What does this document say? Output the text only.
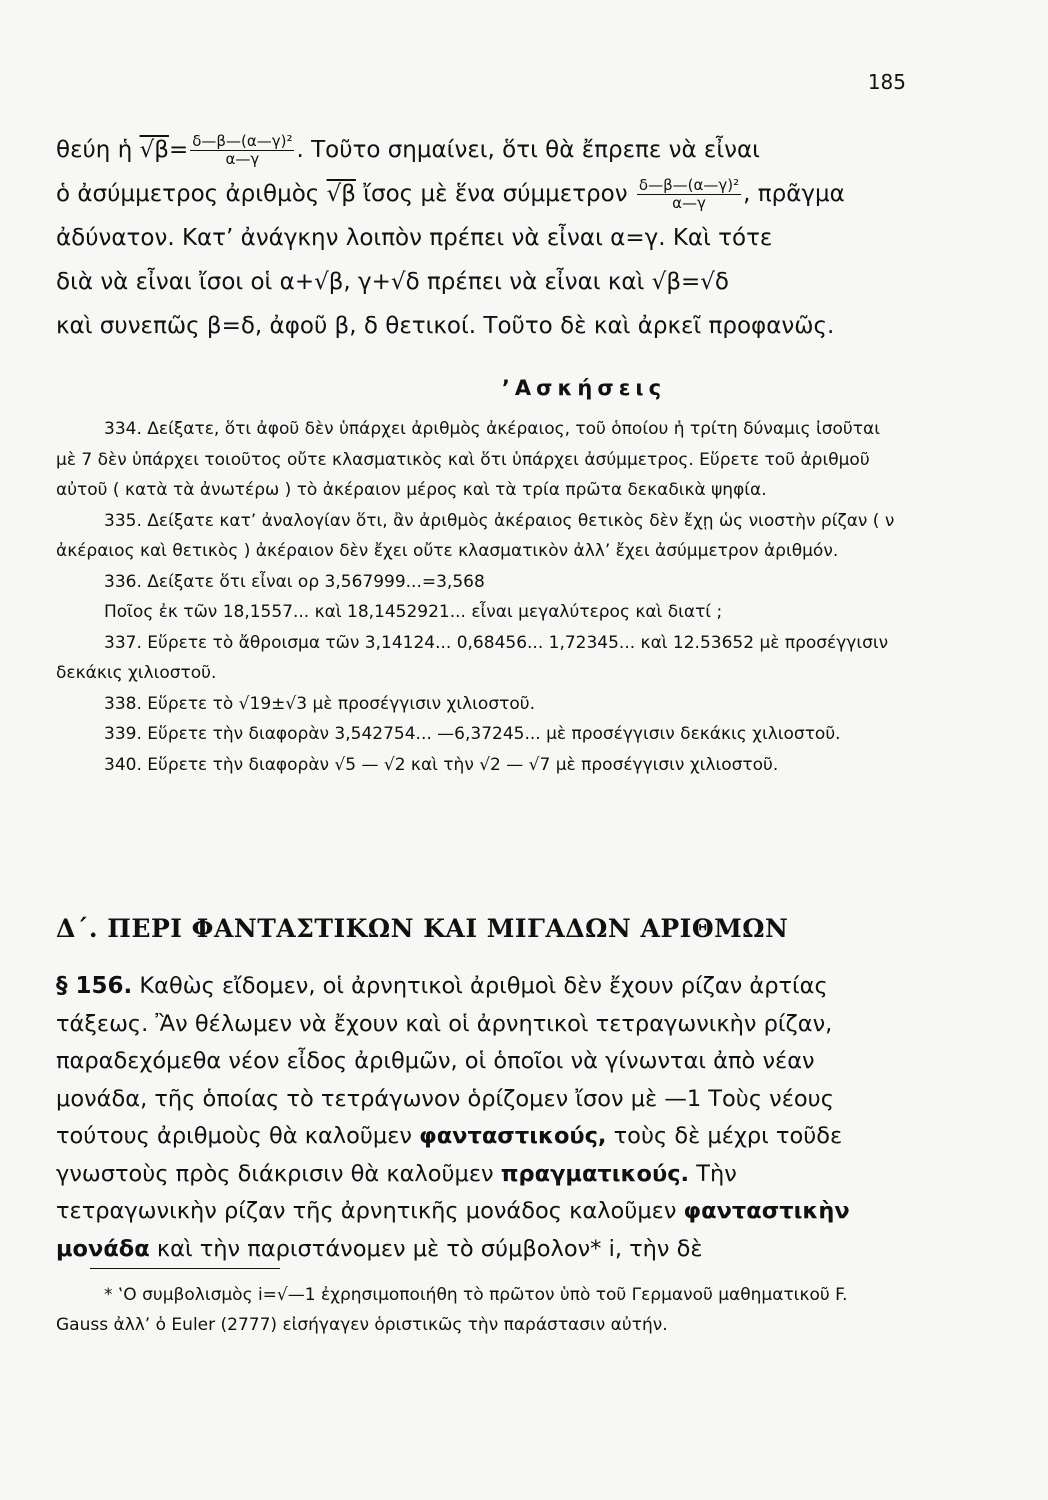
185
θεύη ἡ $√\beta= \frac{\text{δ—β—(α—γ)²}}{\alpha—\gamma}$ . Τοῦτο σημαίνει, ὅτι θὰ ἔπρεπε νὰ εἶναι
ὁ ἀσύμμετρος ἀριθμὸς √β ἴσος μὲ ἕνα σύμμετρον $\frac{\text{δ—β—(α—γ)²}}{\alpha—\gamma}$ , πρᾶγμα
ἀδύνατον. Κατ’ ἀνάγκην λοιπὸν πρέπει νὰ εἶναι α=γ. Καὶ τότε
διὰ νὰ εἶναι ἴσοι οἱ α+√β, γ+√δ πρέπει νὰ εἶναι καὶ √β=√δ
καὶ συνεπῶς β=δ, ἀφοῦ β, δ θετικοί. Τοῦτο δὲ καὶ ἀρκεῖ προφανῶς.
’Ασκήσεις

334. Δείξατε, ὅτι ἀφοῦ δὲν ὑπάρχει ἀριθμὸς ἀκέραιος, τοῦ ὁποίου ἡ τρίτη δύναμις ἰσοῦται μὲ 7 δὲν ὑπάρχει τοιοῦτος οὔτε κλασματικὸς καὶ ὅτι ὑπάρχει ἀσύμμετρος. Εὕρετε τοῦ ἀριθμοῦ αὐτοῦ ( κατὰ τὰ ἀνωτέρω ) τὸ ἀκέραιον μέρος καὶ τὰ τρία πρῶτα δεκαδικὰ ψηφία.

335. Δείξατε κατ’ ἀναλογίαν ὅτι, ἂν ἀριθμὸς ἀκέραιος θετικὸς δὲν ἔχῃ ὡς νιοστὴν ρίζαν ( ν ἀκέραιος καὶ θετικὸς ) ἀκέραιον δὲν ἔχει οὔτε κλασματικὸν ἀλλ’ ἔχει ἀσύμμετρον ἀριθμόν.

336. Δείξατε ὅτι εἶναι ορ 3,567999...=3,568

Ποῖος ἐκ τῶν 18,1557... καὶ 18,1452921... εἶναι μεγαλύτερος καὶ διατί ;

337. Εὕρετε τὸ ἄθροισμα τῶν 3,14124... 0,68456... 1,72345... καὶ 12.53652 μὲ προσέγγισιν δεκάκις χιλιοστοῦ.

338. Εὕρετε τὸ √19±√3 μὲ προσέγγισιν χιλιοστοῦ.

339. Εὕρετε τὴν διαφορὰν 3,542754... —6,37245... μὲ προσέγγισιν δεκάκις χιλιοστοῦ.

340. Εὕρετε τὴν διαφορὰν √5 — √2 καὶ τὴν √2 — √7 μὲ προσέγγισιν χιλιοστοῦ.

Δ΄. ΠΕΡΙ ΦΑΝΤΑΣΤΙΚΩΝ ΚΑΙ ΜΙΓΑΔΩΝ ΑΡΙΘΜΩΝ
§ 156. Καθὼς εἴδομεν, οἱ ἀρνητικοὶ ἀριθμοὶ δὲν ἔχουν ρίζαν ἀρτίας τάξεως. Ἂν θέλωμεν νὰ ἔχουν καὶ οἱ ἀρνητικοὶ τετραγωνικὴν ρίζαν, παραδεχόμεθα νέον εἶδος ἀριθμῶν, οἱ ὁποῖοι νὰ γίνωνται ἀπὸ νέαν μονάδα, τῆς ὁποίας τὸ τετράγωνον ὁρίζομεν ἴσον μὲ —1 Τοὺς νέους τούτους ἀριθμοὺς θὰ καλοῦμεν φανταστικούς, τοὺς δὲ μέχρι τοῦδε γνωστοὺς πρὸς διάκρισιν θὰ καλοῦμεν πραγματικούς. Τὴν τετραγωνικὴν ρίζαν τῆς ἀρνητικῆς μονάδος καλοῦμεν φανταστικὴν μονάδα καὶ τὴν παριστάνομεν μὲ τὸ σύμβολον* i, τὴν δὲ
* ‛Ο συμβολισμὸς i=√—1 ἐχρησιμοποιήθη τὸ πρῶτον ὑπὸ τοῦ Γερμανοῦ μαθηματικοῦ F. Gauss ἀλλ’ ὁ Euler (2777) εἰσήγαγεν ὁριστικῶς τὴν παράστασιν αὐτήν.
